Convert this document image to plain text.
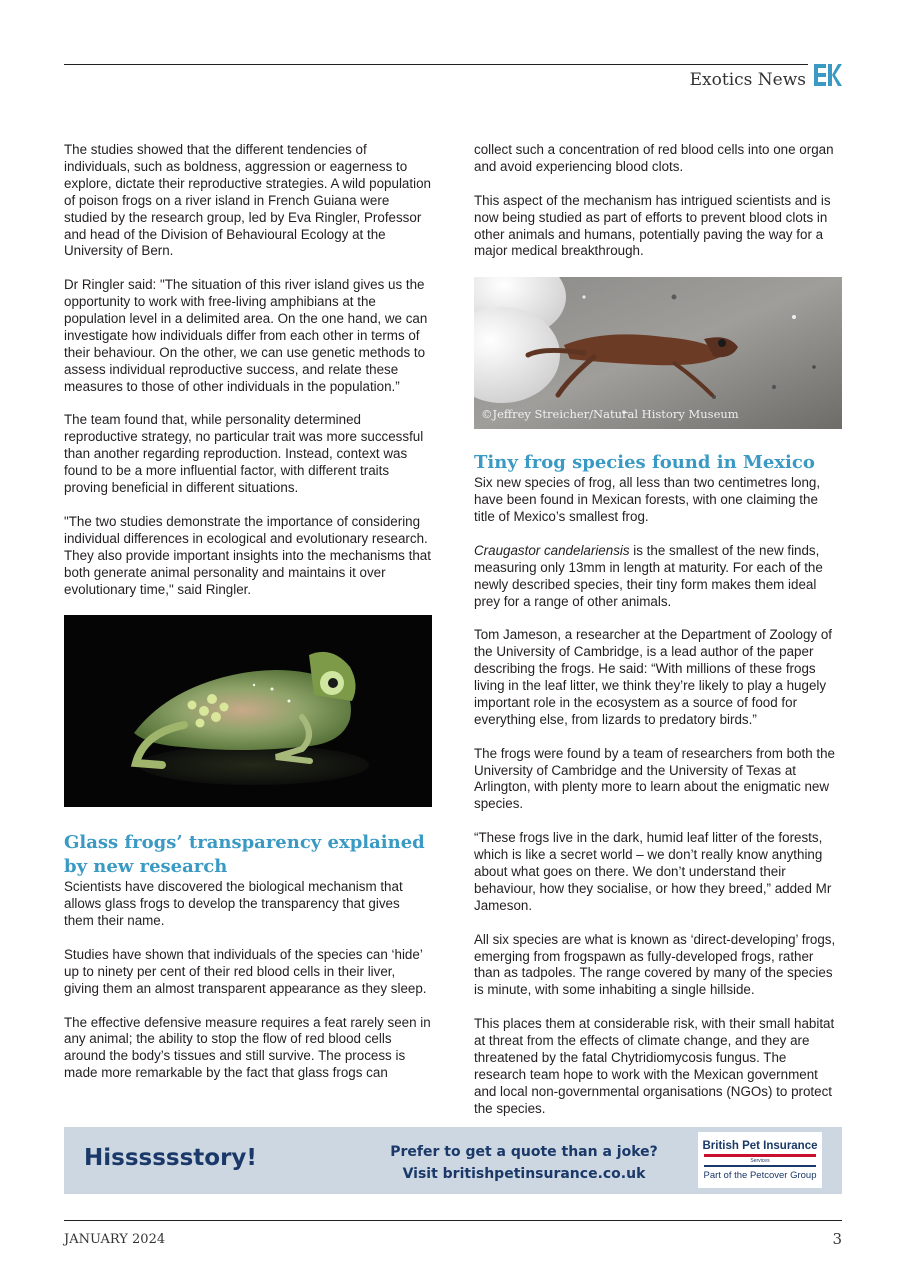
Exotics News

The studies showed that the different tendencies of individuals, such as boldness, aggression or eagerness to explore, dictate their reproductive strategies. A wild population of poison frogs on a river island in French Guiana were studied by the research group, led by Eva Ringler, Professor and head of the Division of Behavioural Ecology at the University of Bern.

Dr Ringler said: "The situation of this river island gives us the opportunity to work with free-living amphibians at the population level in a delimited area. On the one hand, we can investigate how individuals differ from each other in terms of their behaviour. On the other, we can use genetic methods to assess individual reproductive success, and relate these measures to those of other individuals in the population.”

The team found that, while personality determined reproductive strategy, no particular trait was more successful than another regarding reproduction. Instead, context was found to be a more influential factor, with different traits proving beneficial in different situations.

"The two studies demonstrate the importance of considering individual differences in ecological and evolutionary research. They also provide important insights into the mechanisms that both generate animal personality and maintains it over evolutionary time," said Ringler.

Glass frogs’ transparency explained by new research

Scientists have discovered the biological mechanism that allows glass frogs to develop the transparency that gives them their name.

Studies have shown that individuals of the species can ‘hide’ up to ninety per cent of their red blood cells in their liver, giving them an almost transparent appearance as they sleep.

The effective defensive measure requires a feat rarely seen in any animal; the ability to stop the flow of red blood cells around the body’s tissues and still survive. The process is made more remarkable by the fact that glass frogs can

collect such a concentration of red blood cells into one organ and avoid experiencing blood clots.

This aspect of the mechanism has intrigued scientists and is now being studied as part of efforts to prevent blood clots in other animals and humans, potentially paving the way for a major medical breakthrough.

©Jeffrey Streicher/Natural History Museum
Tiny frog species found in Mexico

Six new species of frog, all less than two centimetres long, have been found in Mexican forests, with one claiming the title of Mexico’s smallest frog.

Craugastor candelariensis is the smallest of the new finds, measuring only 13mm in length at maturity. For each of the newly described species, their tiny form makes them ideal prey for a range of other animals.

Tom Jameson, a researcher at the Department of Zoology of the University of Cambridge, is a lead author of the paper describing the frogs. He said: “With millions of these frogs living in the leaf litter, we think they’re likely to play a hugely important role in the ecosystem as a source of food for everything else, from lizards to predatory birds.”

The frogs were found by a team of researchers from both the University of Cambridge and the University of Texas at Arlington, with plenty more to learn about the enigmatic new species.

“These frogs live in the dark, humid leaf litter of the forests, which is like a secret world – we don’t really know anything about what goes on there. We don’t understand their behaviour, how they socialise, or how they breed,” added Mr Jameson.

All six species are what is known as ‘direct-developing’ frogs, emerging from frogspawn as fully-developed frogs, rather than as tadpoles. The range covered by many of the species is minute, with some inhabiting a single hillside.

This places them at considerable risk, with their small habitat at threat from the effects of climate change, and they are threatened by the fatal Chytridiomycosis fungus. The research team hope to work with the Mexican government and local non-governmental organisations (NGOs) to protect the species.

Hisssssstory!	Prefer to get a quote than a joke?
Visit britishpetinsurance.co.uk
British Pet Insurance
Services
Part of the Petcover Group
JANUARY 2024	3
